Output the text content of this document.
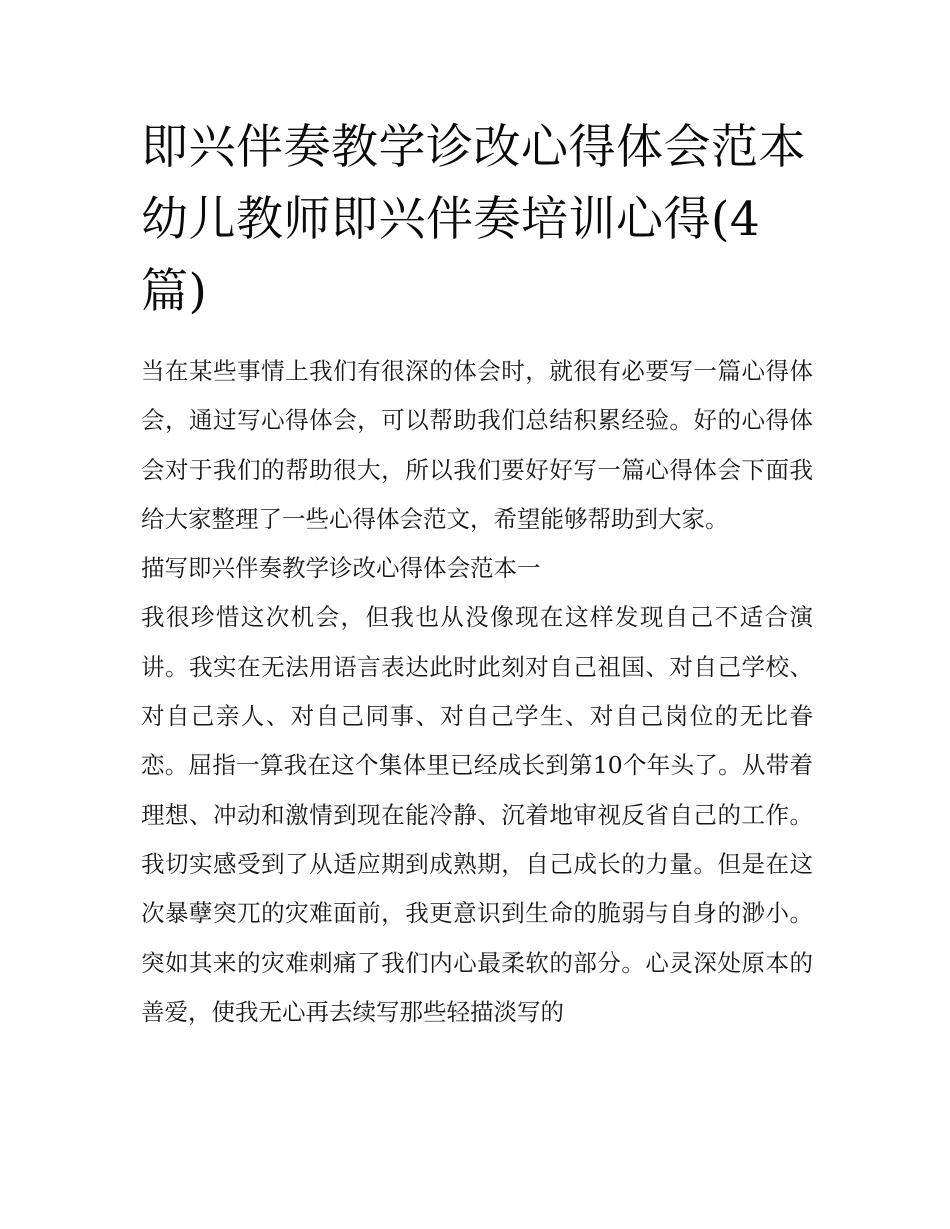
即兴伴奏教学诊改心得体会范本 幼儿教师即兴伴奏培训心得(4篇)

当在某些事情上我们有很深的体会时，就很有必要写一篇心得体会，通过写心得体会，可以帮助我们总结积累经验。好的心得体会对于我们的帮助很大，所以我们要好好写一篇心得体会下面我给大家整理了一些心得体会范文，希望能够帮助到大家。

描写即兴伴奏教学诊改心得体会范本一

我很珍惜这次机会，但我也从没像现在这样发现自己不适合演讲。我实在无法用语言表达此时此刻对自己祖国、对自己学校、对自己亲人、对自己同事、对自己学生、对自己岗位的无比眷恋。屈指一算我在这个集体里已经成长到第10个年头了。从带着理想、冲动和激情到现在能冷静、沉着地审视反省自己的工作。我切实感受到了从适应期到成熟期，自己成长的力量。但是在这次暴孽突兀的灾难面前，我更意识到生命的脆弱与自身的渺小。突如其来的灾难刺痛了我们内心最柔软的部分。心灵深处原本的善爱，使我无心再去续写那些轻描淡写的
